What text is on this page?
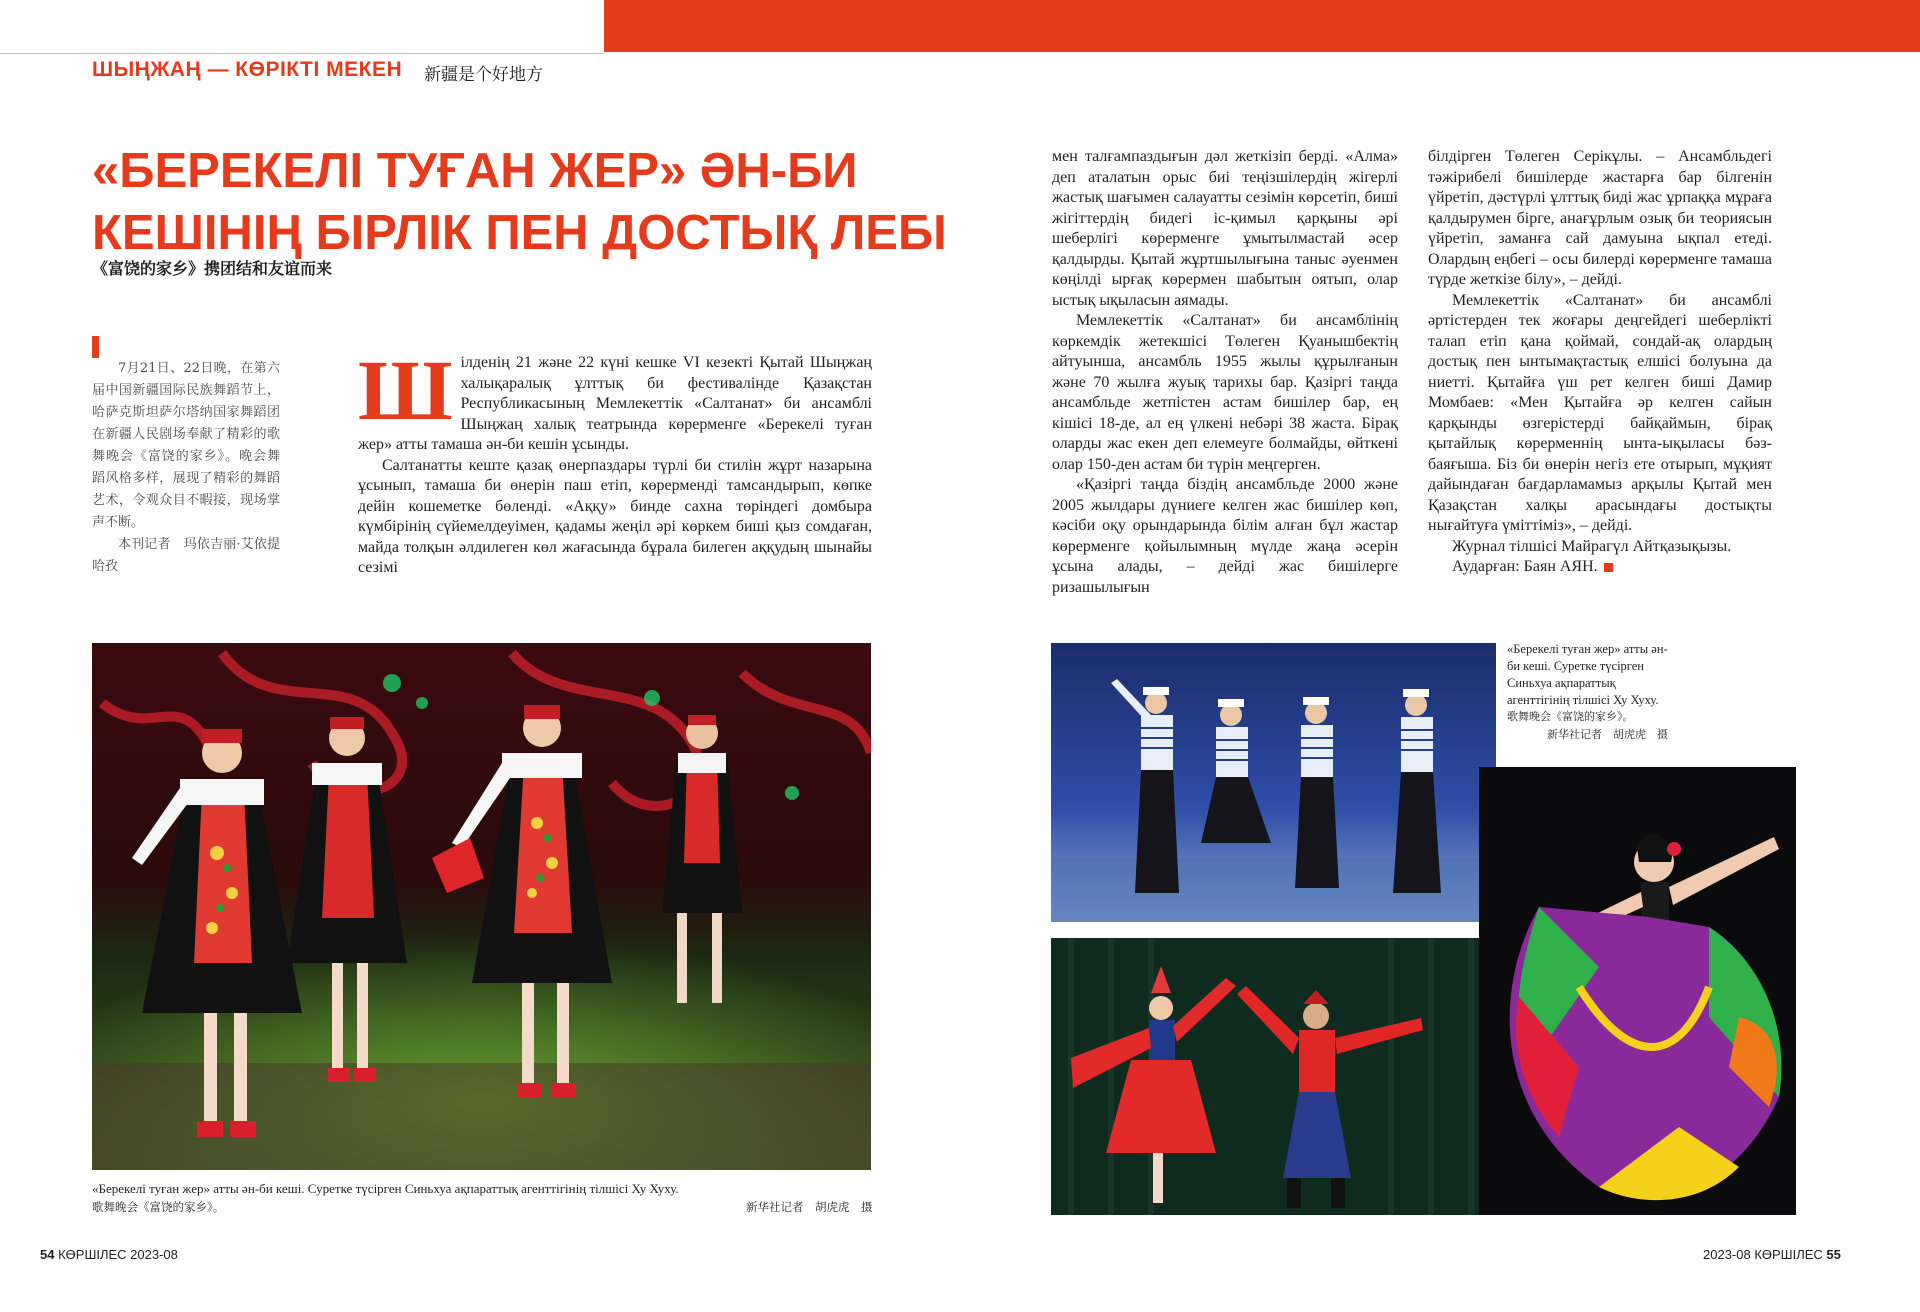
ШЫҢЖАҢ — КӨРІКТІ МЕКЕН 新疆是个好地方
«БЕРЕКЕЛІ ТУҒАН ЖЕР» ӘН-БИ
КЕШІНІҢ БІРЛІК ПЕН ДОСТЫҚ ЛЕБІ
《富饶的家乡》携团结和友谊而来

7月21日、22日晚，在第六届中国新疆国际民族舞蹈节上，哈萨克斯坦萨尔塔纳国家舞蹈团在新疆人民剧场奉献了精彩的歌舞晚会《富饶的家乡》。晚会舞蹈风格多样，展现了精彩的舞蹈艺术，令观众目不暇接，现场掌声不断。

本刊记者　玛依吉丽·艾依提哈孜

Шілденің 21 және 22 күні кешке VI кезекті Қытай Шыңжаң халықаралық ұлттық би фестивалінде Қазақстан Республикасының Мемлекеттік «Салтанат» би ансамблі Шыңжаң халық театрында көрерменге «Берекелі туған жер» атты тамаша ән-би кешін ұсынды.

Салтанатты кеште қазақ өнерпаздары түрлі би стилін жұрт назарына ұсынып, тамаша би өнерін паш етіп, көрерменді тамсандырып, көпке дейін кошеметке бөленді. «Аққу» бинде сахна төріндегі домбыра күмбірінің сүйемелдеуімен, қадамы жеңіл әрі көркем биші қыз сомдаған, майда толқын әлдилеген көл жағасында бұрала билеген аққудың шынайы сезімі

мен талғампаздығын дәл жеткізіп берді. «Алма» деп аталатын орыс биі теңізшілердің жігерлі жастық шағымен салауатты сезімін көрсетіп, биші жігіттердің бидегі іс-қимыл қарқыны әрі шеберлігі көрерменге ұмытылмастай әсер қалдырды. Қытай жұртшылығына таныс әуенмен көңілді ырғақ көрермен шабытын оятып, олар ыстық ықыласын аямады.

Мемлекеттік «Салтанат» би ансамблінің көркемдік жетекшісі Төлеген Қуанышбектің айтуынша, ансамбль 1955 жылы құрылғанын және 70 жылға жуық тарихы бар. Қазіргі таңда ансамбльде жетпістен астам бишілер бар, ең кішісі 18-де, ал ең үлкені небәрі 38 жаста. Бірақ оларды жас екен деп елемеуге болмайды, өйткені олар 150-ден астам би түрін меңгерген.

«Қазіргі таңда біздің ансамбльде 2000 және 2005 жылдары дүниеге келген жас бишілер көп, кәсіби оқу орындарында білім алған бұл жастар көрерменге қойылымның мүлде жаңа әсерін ұсына алады, – дейді жас бишілерге ризашылығын

білдірген Төлеген Серікұлы. – Ансамбльдегі тәжірибелі бишілерде жастарға бар білгенін үйретіп, дәстүрлі ұлттық биді жас ұрпаққа мұраға қалдырумен бірге, анағұрлым озық би теориясын үйретіп, заманға сай дамуына ықпал етеді. Олардың еңбегі – осы билерді көрерменге тамаша түрде жеткізе білу», – дейді.

Мемлекеттік «Салтанат» би ансамблі әртістерден тек жоғары деңгейдегі шеберлікті талап етіп қана қоймай, сондай-ақ олардың достық пен ынтымақтастық елшісі болуына да ниетті. Қытайға үш рет келген биші Дамир Момбаев: «Мен Қытайға әр келген сайын қарқынды өзгерістерді байқаймын, бірақ қытайлық көрерменнің ынта-ықыласы бәз-баяғыша. Біз би өнерін негіз ете отырып, мұқият дайындаған бағдарламамыз арқылы Қытай мен Қазақстан халқы арасындағы достықты нығайтуға үміттіміз», – дейді.

Журнал тілшісі Майрагүл Айтқазықызы.

Аударған: Баян АЯН.

«Берекелі туған жер» атты ән-би кеші. Суретке түсірген Синьхуа ақпараттық агенттігінің тілшісі Ху Хуху.
歌舞晚会《富饶的家乡》。	新华社记者　胡虎虎　摄
«Берекелі туған жер» атты ән-би кеші. Суретке түсірген Синьхуа ақпараттық агенттігінің тілшісі Ху Хуху.
歌舞晚会《富饶的家乡》。
新华社记者　胡虎虎　摄
54 КӨРШІЛЕС 2023-08	2023-08 КӨРШІЛЕС 55
